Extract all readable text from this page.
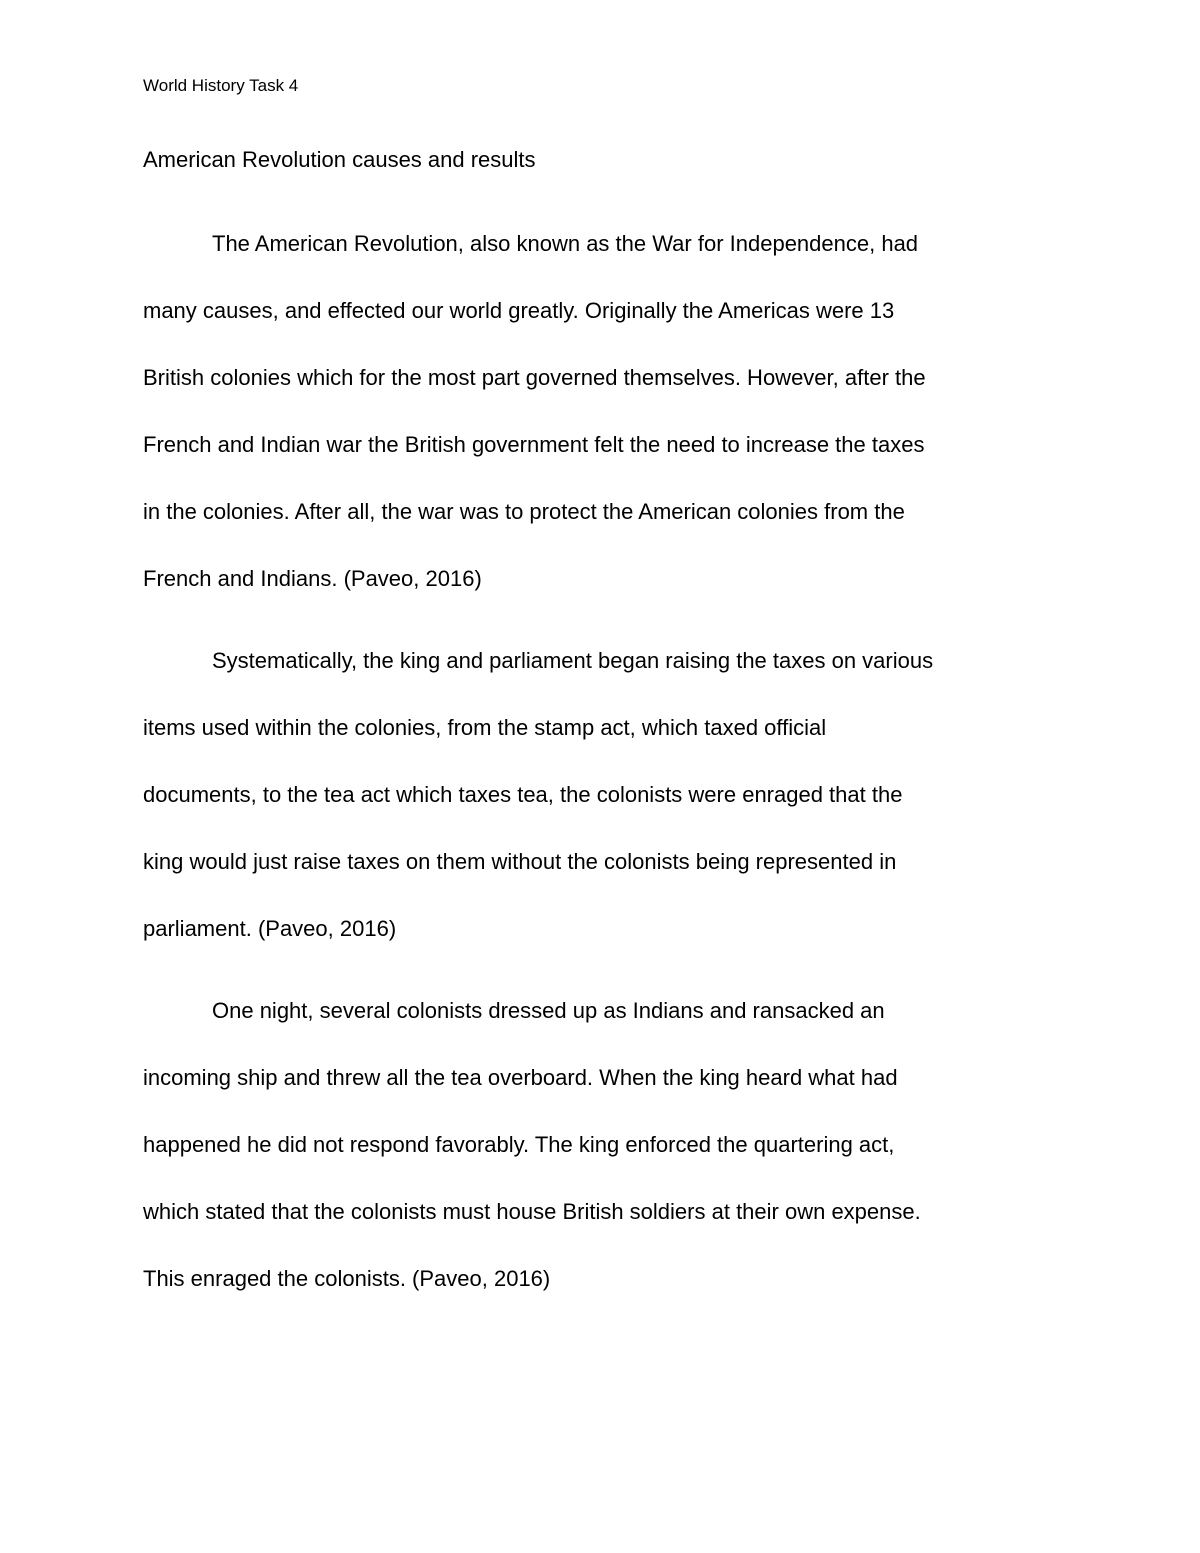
World History Task 4
American Revolution causes and results
The American Revolution, also known as the War for Independence, had
many causes, and effected our world greatly. Originally the Americas were 13
British colonies which for the most part governed themselves. However, after the
French and Indian war the British government felt the need to increase the taxes
in the colonies. After all, the war was to protect the American colonies from the
French and Indians. (Paveo, 2016)
Systematically, the king and parliament began raising the taxes on various
items used within the colonies, from the stamp act, which taxed official
documents, to the tea act which taxes tea, the colonists were enraged that the
king would just raise taxes on them without the colonists being represented in
parliament. (Paveo, 2016)
One night, several colonists dressed up as Indians and ransacked an
incoming ship and threw all the tea overboard. When the king heard what had
happened he did not respond favorably. The king enforced the quartering act,
which stated that the colonists must house British soldiers at their own expense.
This enraged the colonists. (Paveo, 2016)
